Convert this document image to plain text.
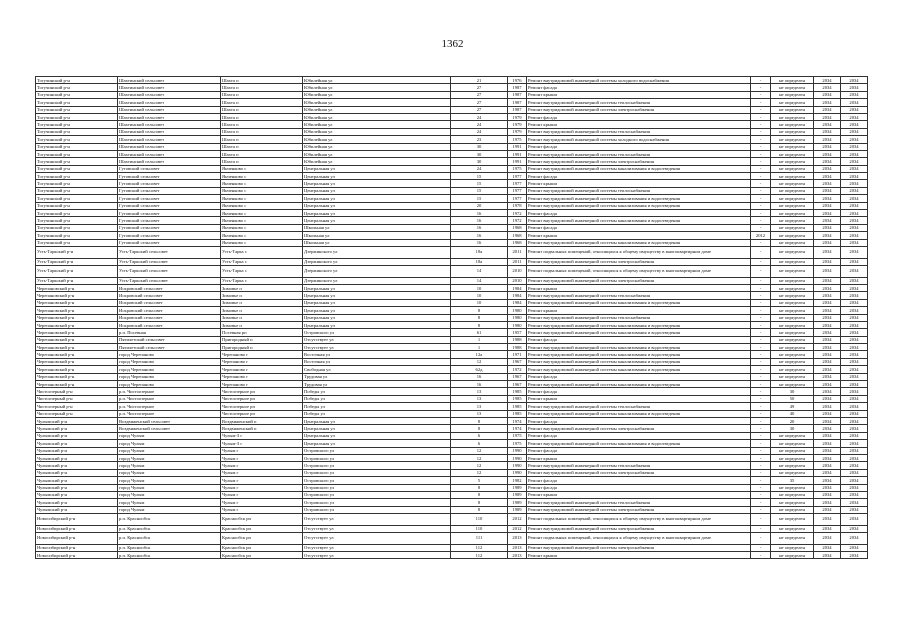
1362
Тогучинский р-н	Шахтинский сельсовет	Шахта п	Юбилейная ул	21	1976	Ремонт внутридомовой инженерной системы холодного водоснабжения	-	не определен	2034	2034
Тогучинский р-н	Шахтинский сельсовет	Шахта п	Юбилейная ул	27	1987	Ремонт фасада	-	не определен	2034	2034
Тогучинский р-н	Шахтинский сельсовет	Шахта п	Юбилейная ул	27	1987	Ремонт крыши	-	не определен	2034	2034
Тогучинский р-н	Шахтинский сельсовет	Шахта п	Юбилейная ул	27	1987	Ремонт внутридомовой инженерной системы теплоснабжения	-	не определен	2034	2034
Тогучинский р-н	Шахтинский сельсовет	Шахта п	Юбилейная ул	27	1987	Ремонт внутридомовой инженерной системы электроснабжения	-	не определен	2034	2034
Тогучинский р-н	Шахтинский сельсовет	Шахта п	Юбилейная ул	24	1979	Ремонт фасада	-	не определен	2034	2034
Тогучинский р-н	Шахтинский сельсовет	Шахта п	Юбилейная ул	24	1979	Ремонт крыши	-	не определен	2034	2034
Тогучинский р-н	Шахтинский сельсовет	Шахта п	Юбилейная ул	24	1979	Ремонт внутридомовой инженерной системы теплоснабжения	-	не определен	2034	2034
Тогучинский р-н	Шахтинский сельсовет	Шахта п	Юбилейная ул	23	1975	Ремонт внутридомовой инженерной системы холодного водоснабжения	-	не определен	2034	2034
Тогучинский р-н	Шахтинский сельсовет	Шахта п	Юбилейная ул	30	1991	Ремонт фасада	-	не определен	2034	2034
Тогучинский р-н	Шахтинский сельсовет	Шахта п	Юбилейная ул	30	1991	Ремонт внутридомовой инженерной системы теплоснабжения	-	не определен	2034	2034
Тогучинский р-н	Шахтинский сельсовет	Шахта п	Юбилейная ул	30	1991	Ремонт внутридомовой инженерной системы электроснабжения	-	не определен	2034	2034
Тогучинский р-н	Гутовский сельсовет	Янченково с	Центральная ул	24	1975	Ремонт внутридомовой инженерной системы канализования и водоотведения	-	не определен	2034	2034
Тогучинский р-н	Гутовский сельсовет	Янченково с	Центральная ул	15	1977	Ремонт фасада	-	не определен	2034	2034
Тогучинский р-н	Гутовский сельсовет	Янченково с	Центральная ул	15	1977	Ремонт крыши	-	не определен	2034	2034
Тогучинский р-н	Гутовский сельсовет	Янченково с	Центральная ул	15	1977	Ремонт внутридомовой инженерной системы теплоснабжения	-	не определен	2034	2034
Тогучинский р-н	Гутовский сельсовет	Янченково с	Центральная ул	15	1977	Ремонт внутридомовой инженерной системы канализования и водоотведения	-	не определен	2034	2034
Тогучинский р-н	Гутовский сельсовет	Янченково с	Центральная ул	20	1978	Ремонт внутридомовой инженерной системы канализования и водоотведения	-	не определен	2034	2034
Тогучинский р-н	Гутовский сельсовет	Янченково с	Центральная ул	16	1972	Ремонт фасада	-	не определен	2034	2034
Тогучинский р-н	Гутовский сельсовет	Янченково с	Центральная ул	16	1972	Ремонт внутридомовой инженерной системы канализования и водоотведения	-	не определен	2034	2034
Тогучинский р-н	Гутовский сельсовет	Янченково с	Школьная ул	16	1968	Ремонт фасада	-	не определен	2034	2034
Тогучинский р-н	Гутовский сельсовет	Янченково с	Школьная ул	16	1968	Ремонт крыши	2012	не определен	2034	2034
Тогучинский р-н	Гутовский сельсовет	Янченково с	Школьная ул	16	1968	Ремонт внутридомовой инженерной системы канализования и водоотведения	-	не определен	2034	2034
Усть-Таркский р-н	Усть-Таркский сельсовет	Усть-Тарка с	Дзержинского ул	18а	2011	Ремонт подвальных помещений, относящихся к общему имуществу в многоквартирном доме	-	не определен	2034	2034
Усть-Таркский р-н	Усть-Таркский сельсовет	Усть-Тарка с	Дзержинского ул	18а	2011	Ремонт внутридомовой инженерной системы электроснабжения	-	не определен	2034	2034
Усть-Таркский р-н	Усть-Таркский сельсовет	Усть-Тарка с	Дзержинского ул	14	2010	Ремонт подвальных помещений, относящихся к общему имуществу в многоквартирном доме	-	не определен	2034	2034
Усть-Таркский р-н	Усть-Таркский сельсовет	Усть-Тарка с	Дзержинского ул	14	2010	Ремонт внутридомовой инженерной системы электроснабжения	-	не определен	2034	2034
Черепановский р-н	Искровский сельсовет	Зимовье п	Центральная ул	10	1984	Ремонт крыши	-	не определен	2034	2034
Черепановский р-н	Искровский сельсовет	Зимовье п	Центральная ул	10	1984	Ремонт внутридомовой инженерной системы теплоснабжения	-	не определен	2034	2034
Черепановский р-н	Искровский сельсовет	Зимовье п	Центральная ул	10	1984	Ремонт внутридомовой инженерной системы канализования и водоотведения	-	не определен	2034	2034
Черепановский р-н	Искровский сельсовет	Зимовье п	Центральная ул	8	1980	Ремонт крыши	-	не определен	2034	2034
Черепановский р-н	Искровский сельсовет	Зимовье п	Центральная ул	8	1980	Ремонт внутридомовой инженерной системы теплоснабжения	-	не определен	2034	2034
Черепановский р-н	Искровский сельсовет	Зимовье п	Центральная ул	8	1980	Ремонт внутридомовой инженерной системы канализования и водоотведения	-	не определен	2034	2034
Черепановский р-н	р.п. Посевная	Посевная рп	Островского ул	61	1957	Ремонт внутридомовой инженерной системы канализования и водоотведения	-	не определен	2034	2034
Черепановский р-н	Пятилетский сельсовет	Пригородный п	Отсутствует ул	1	1988	Ремонт фасада	-	не определен	2034	2034
Черепановский р-н	Пятилетский сельсовет	Пригородный п	Отсутствует ул	1	1988	Ремонт внутридомовой инженерной системы канализования и водоотведения	-	не определен	2034	2034
Черепановский р-н	город Черепаново	Черепаново г	Восточная ул	12а	1971	Ремонт внутридомовой инженерной системы канализования и водоотведения	-	не определен	2034	2034
Черепановский р-н	город Черепаново	Черепаново г	Восточная ул	12	1967	Ремонт внутридомовой инженерной системы канализования и водоотведения	-	не определен	2034	2034
Черепановский р-н	город Черепаново	Черепаново г	Свободная ул	62д	1972	Ремонт внутридомовой инженерной системы канализования и водоотведения	-	не определен	2034	2034
Черепановский р-н	город Черепаново	Черепаново г	Трудовая ул	16	1967	Ремонт фасада	-	не определен	2034	2034
Черепановский р-н	город Черепаново	Черепаново г	Трудовая ул	16	1967	Ремонт внутридомовой инженерной системы канализования и водоотведения	-	не определен	2034	2034
Чистоозерный р-н	р.п. Чистоозерное	Чистоозерное рп	Победы ул	13	1985	Ремонт фасада	-	30	2034	2034
Чистоозерный р-н	р.п. Чистоозерное	Чистоозерное рп	Победы ул	13	1985	Ремонт крыши	-	50	2034	2034
Чистоозерный р-н	р.п. Чистоозерное	Чистоозерное рп	Победы ул	13	1985	Ремонт внутридомовой инженерной системы теплоснабжения	-	49	2034	2034
Чистоозерный р-н	р.п. Чистоозерное	Чистоозерное рп	Победы ул	13	1985	Ремонт внутридомовой инженерной системы канализования и водоотведения	-	40	2034	2034
Чулымский р-н	Воздвиженский сельсовет	Воздвиженский п	Центральная ул	8	1974	Ремонт фасада	-	20	2034	2034
Чулымский р-н	Воздвиженский сельсовет	Воздвиженский п	Центральная ул	8	1974	Ремонт внутридомовой инженерной системы электроснабжения	-	30	2034	2034
Чулымский р-н	город Чулым	Чулым-3 г	Центральная ул	6	1975	Ремонт фасада	-	не определен	2034	2034
Чулымский р-н	город Чулым	Чулым-3 г	Центральная ул	6	1975	Ремонт внутридомовой инженерной системы канализования и водоотведения	-	не определен	2034	2034
Чулымский р-н	город Чулым	Чулым г	Островского ул	12	1990	Ремонт фасада	-	не определен	2034	2034
Чулымский р-н	город Чулым	Чулым г	Островского ул	12	1990	Ремонт крыши	-	не определен	2034	2034
Чулымский р-н	город Чулым	Чулым г	Островского ул	12	1990	Ремонт внутридомовой инженерной системы теплоснабжения	-	не определен	2034	2034
Чулымский р-н	город Чулым	Чулым г	Островского ул	12	1990	Ремонт внутридомовой инженерной системы электроснабжения	-	не определен	2034	2034
Чулымский р-н	город Чулым	Чулым г	Островского ул	5	1982	Ремонт фасада	-	35	2034	2034
Чулымский р-н	город Чулым	Чулым г	Островского ул	8	1989	Ремонт фасада	-	не определен	2034	2034
Чулымский р-н	город Чулым	Чулым г	Островского ул	8	1989	Ремонт крыши	-	не определен	2034	2034
Чулымский р-н	город Чулым	Чулым г	Островского ул	8	1989	Ремонт внутридомовой инженерной системы теплоснабжения	-	не определен	2034	2034
Чулымский р-н	город Чулым	Чулым г	Островского ул	8	1989	Ремонт внутридомовой инженерной системы электроснабжения	-	не определен	2034	2034
Новосибирский р-н	р.п. Краснообск	Краснообск рп	Отсутствует ул	110	2012	Ремонт подвальных помещений, относящихся к общему имуществу в многоквартирном доме	-	не определен	2034	2034
Новосибирский р-н	р.п. Краснообск	Краснообск рп	Отсутствует ул	110	2012	Ремонт внутридомовой инженерной системы электроснабжения	-	не определен	2034	2034
Новосибирский р-н	р.п. Краснообск	Краснообск рп	Отсутствует ул	111	2013	Ремонт подвальных помещений, относящихся к общему имуществу в многоквартирном доме	-	не определен	2034	2034
Новосибирский р-н	р.п. Краснообск	Краснообск рп	Отсутствует ул	112	2013	Ремонт внутридомовой инженерной системы электроснабжения	-	не определен	2034	2034
Новосибирский р-н	р.п. Краснообск	Краснообск рп	Отсутствует ул	112	2013	Ремонт крыши	-	не определен	2034	2034
